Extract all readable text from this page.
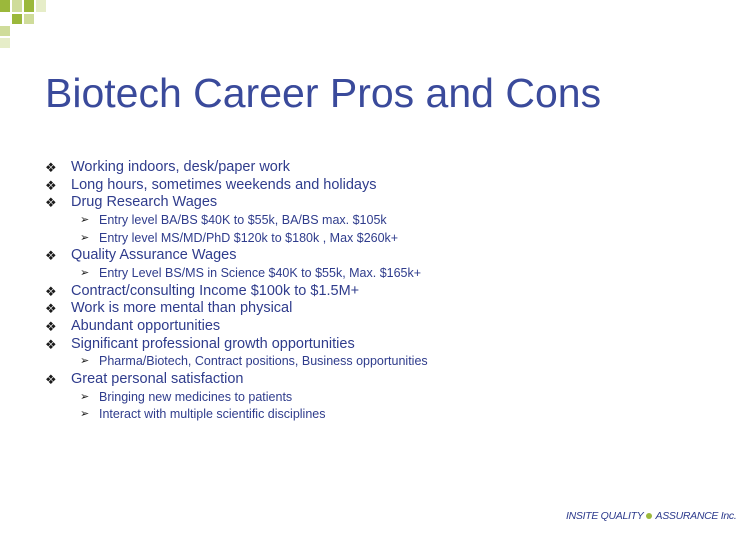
Biotech Career Pros and Cons
❖ Working indoors, desk/paper work
❖ Long hours, sometimes weekends and holidays
❖ Drug Research Wages
➢ Entry level BA/BS $40K to $55k, BA/BS max. $105k
➢ Entry level MS/MD/PhD $120k to $180k , Max $260k+
❖ Quality Assurance Wages
➢ Entry Level BS/MS in Science $40K to $55k, Max. $165k+
❖ Contract/consulting Income $100k to $1.5M+
❖ Work is more mental than physical
❖ Abundant opportunities
❖ Significant professional growth opportunities
➢ Pharma/Biotech, Contract positions, Business opportunities
❖ Great personal satisfaction
➢ Bringing new medicines to patients
➢ Interact with multiple scientific disciplines
INSITE QUALITY ASSURANCE Inc.
